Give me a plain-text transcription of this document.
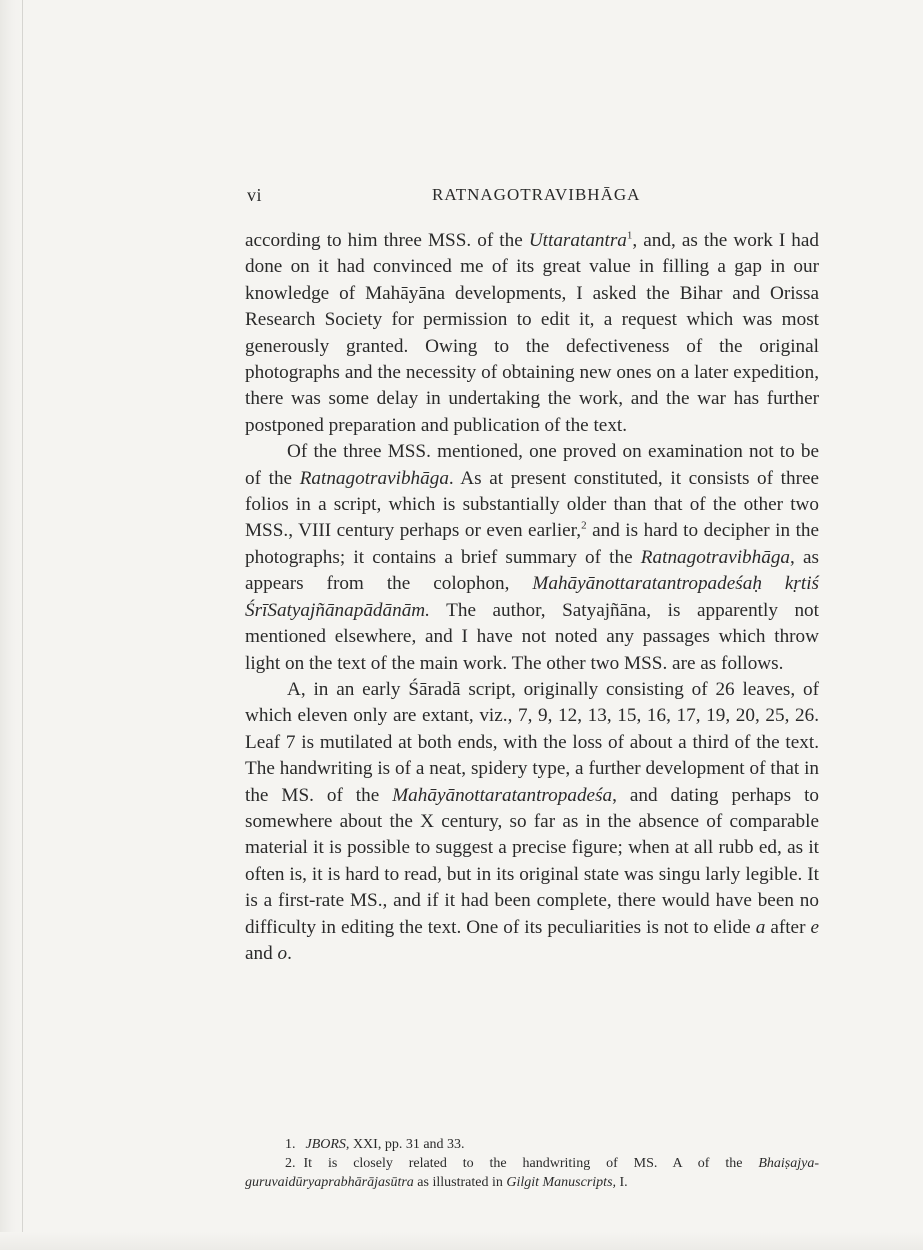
vi	RATNAGOTRAVIBHĀGA

according to him three MSS. of the Uttaratantra$^1$, and, as the work I had done on it had convinced me of its great value in filling a gap in our knowledge of Mahāyāna developments, I asked the Bihar and Orissa Research Society for permission to edit it, a request which was most generously granted. Owing to the defectiveness of the original photographs and the necessity of obtaining new ones on a later expedition, there was some delay in undertaking the work, and the war has further postponed preparation and publication of the text.

Of the three MSS. mentioned, one proved on examination not to be of the Ratnagotravibhāga. As at present constituted, it consists of three folios in a script, which is substantially older than that of the other two MSS., VIII century perhaps or even earlier,$^2$ and is hard to decipher in the photographs; it contains a brief summary of the Ratnagotravibhāga, as appears from the colophon, Mahāyānottaratantropadeśaḥ kṛtiś ŚrīSatyajñānapādānām. The author, Satyajñāna, is apparently not mentioned elsewhere, and I have not noted any passages which throw light on the text of the main work. The other two MSS. are as follows.

A, in an early Śāradā script, originally consisting of 26 leaves, of which eleven only are extant, viz., 7, 9, 12, 13, 15, 16, 17, 19, 20, 25, 26. Leaf 7 is mutilated at both ends, with the loss of about a third of the text. The handwriting is of a neat, spidery type, a further development of that in the MS. of the Mahāyānottaratantropadeśa, and dating perhaps to somewhere about the X century, so far as in the absence of comparable material it is possible to suggest a precise figure; when at all rubb ed, as it often is, it is hard to read, but in its original state was singu larly legible. It is a first-rate MS., and if it had been complete, there would have been no difficulty in editing the text. One of its peculiarities is not to elide a after e and o.

1. JBORS, XXI, pp. 31 and 33.

2. It is closely related to the handwriting of MS. A of the Bhaiṣajya-guruvaidūryaprabhārājasūtra as illustrated in Gilgit Manuscripts, I.
